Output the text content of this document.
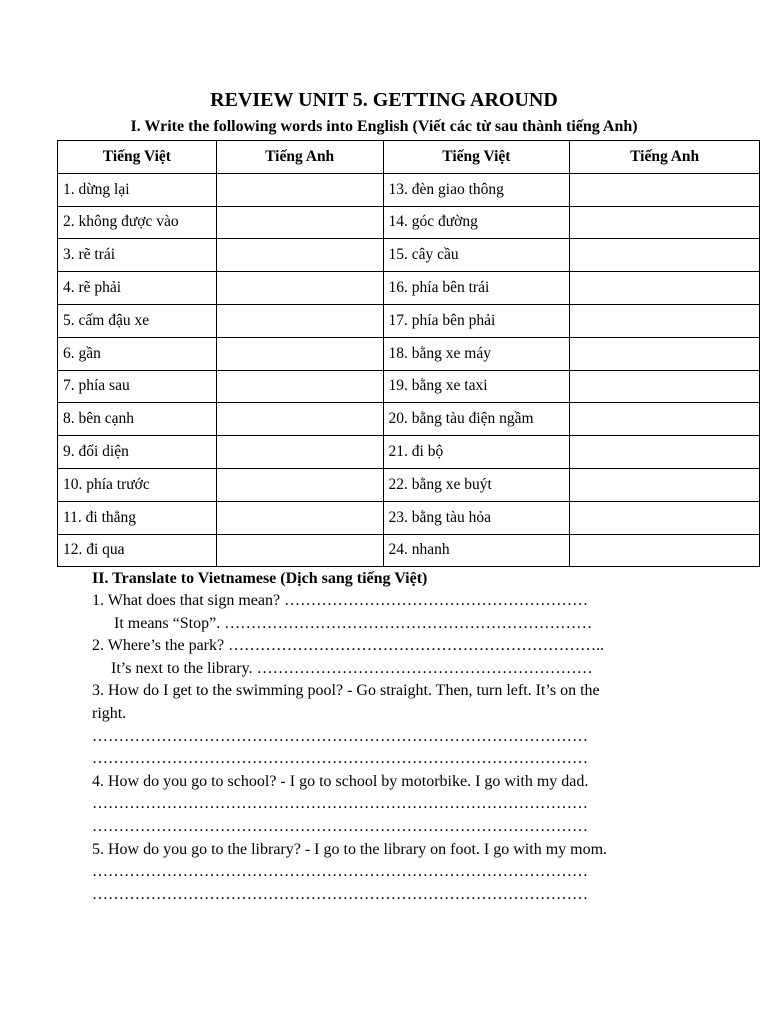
REVIEW UNIT 5. GETTING AROUND
I. Write the following words into English (Viết các từ sau thành tiếng Anh)
Tiếng Việt	Tiếng Anh	Tiếng Việt	Tiếng Anh
1. dừng lại		13. đèn giao thông	
2. không được vào		14. góc đường	
3. rẽ trái		15. cây cầu	
4. rẽ phải		16. phía bên trái	
5. cấm đậu xe		17. phía bên phải	
6. gần		18. bằng xe máy	
7. phía sau		19. bằng xe taxi	
8. bên cạnh		20. bằng tàu điện ngầm	
9. đối diện		21. đi bộ	
10. phía trước		22. bằng xe buýt	
11. đi thẳng		23. bằng tàu hỏa	
12. đi qua		24. nhanh	
II. Translate to Vietnamese (Dịch sang tiếng Việt)
1. What does that sign mean? …………………………………………………
It means “Stop”. ……………………………………………………………
2. Where’s the park? ……………………………………………………………..
It’s next to the library. ………………………………………………………
3. How do I get to the swimming pool? - Go straight. Then, turn left. It’s on the
right.
…………………………………………………………………………………
…………………………………………………………………………………
4. How do you go to school? - I go to school by motorbike. I go with my dad.
…………………………………………………………………………………
…………………………………………………………………………………
5. How do you go to the library? - I go to the library on foot. I go with my mom.
…………………………………………………………………………………
…………………………………………………………………………………
